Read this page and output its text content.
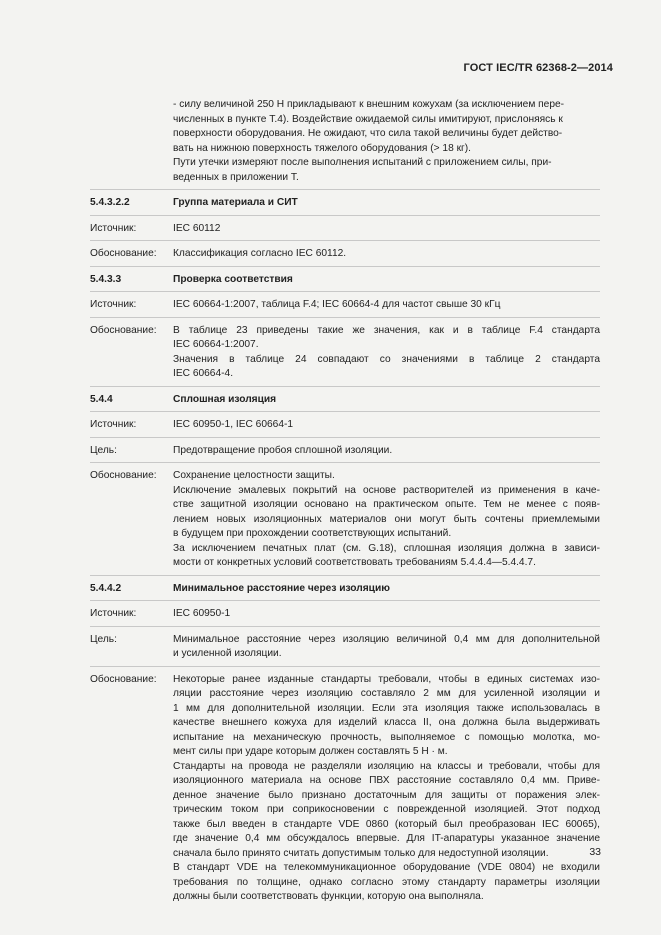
ГОСТ IEC/TR 62368-2—2014
- силу величиной 250 Н прикладывают к внешним кожухам (за исключением пере-
численных в пункте Т.4). Воздействие ожидаемой силы имитируют, прислоняясь к
поверхности оборудования. Не ожидают, что сила такой величины будет действо-
вать на нижнюю поверхность тяжелого оборудования (> 18 кг).
Пути утечки измеряют после выполнения испытаний с приложением силы, при-
веденных в приложении Т.
5.4.3.2.2	Группа материала и СИТ
Источник:	IEC 60112
Обоснование:	Классификация согласно IEC 60112.
5.4.3.3	Проверка соответствия
Источник:	IEC 60664-1:2007, таблица F.4; IEC 60664-4 для частот свыше 30 кГц
Обоснование:	В таблице 23 приведены такие же значения, как и в таблице F.4 стандарта
IEC 60664-1:2007.
Значения в таблице 24 совпадают со значениями в таблице 2 стандарта
IEC 60664-4.
5.4.4	Сплошная изоляция
Источник:	IEC 60950-1, IEC 60664-1
Цель:	Предотвращение пробоя сплошной изоляции.
Обоснование:	Сохранение целостности защиты.
Исключение эмалевых покрытий на основе растворителей из применения в каче-
стве защитной изоляции основано на практическом опыте. Тем не менее с появ-
лением новых изоляционных материалов они могут быть сочтены приемлемыми
в будущем при прохождении соответствующих испытаний.
За исключением печатных плат (см. G.18), сплошная изоляция должна в зависи-
мости от конкретных условий соответствовать требованиям 5.4.4.4—5.4.4.7.
5.4.4.2	Минимальное расстояние через изоляцию
Источник:	IEC 60950-1
Цель:	Минимальное расстояние через изоляцию величиной 0,4 мм для дополнительной
и усиленной изоляции.
Обоснование:	Некоторые ранее изданные стандарты требовали, чтобы в единых системах изо-
ляции расстояние через изоляцию составляло 2 мм для усиленной изоляции и
1 мм для дополнительной изоляции. Если эта изоляция также использовалась в
качестве внешнего кожуха для изделий класса II, она должна была выдерживать
испытание на механическую прочность, выполняемое с помощью молотка, мо-
мент силы при ударе которым должен составлять 5 Н · м.
Стандарты на провода не разделяли изоляцию на классы и требовали, чтобы для
изоляционного материала на основе ПВХ расстояние составляло 0,4 мм. Приве-
денное значение было признано достаточным для защиты от поражения элек-
трическим током при соприкосновении с поврежденной изоляцией. Этот подход
также был введен в стандарте VDE 0860 (который был преобразован IEC 60065),
где значение 0,4 мм обсуждалось впервые. Для IT-апаратуры указанное значение
сначала было принято считать допустимым только для недоступной изоляции.
В стандарт VDE на телекоммуникационное оборудование (VDE 0804) не входили
требования по толщине, однако согласно этому стандарту параметры изоляции
должны были соответствовать функции, которую она выполняла.
33
